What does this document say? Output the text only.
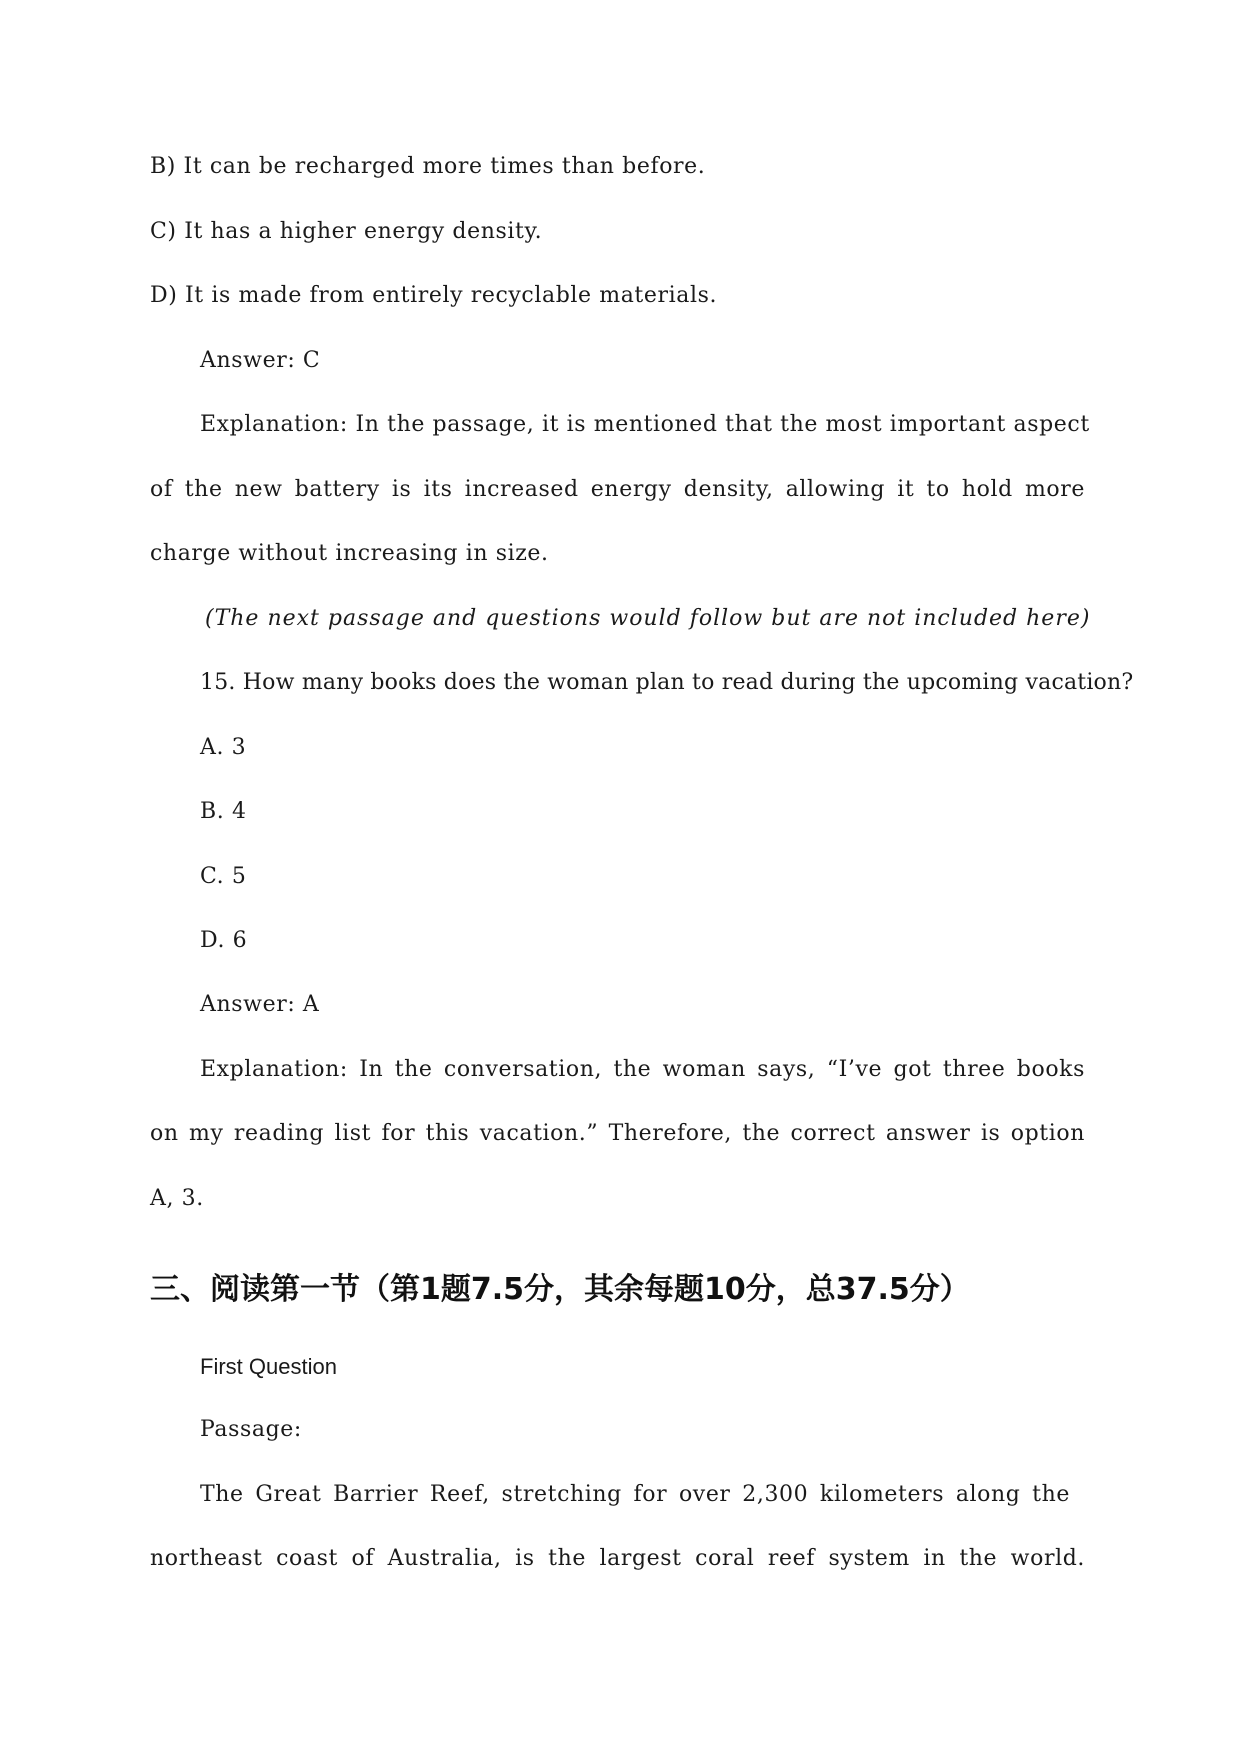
B) It can be recharged more times than before.
C) It has a higher energy density.
D) It is made from entirely recyclable materials.
Answer: C
Explanation: In the passage, it is mentioned that the most important aspect
of the new battery is its increased energy density, allowing it to hold more
charge without increasing in size.
(The next passage and questions would follow but are not included here)
15. How many books does the woman plan to read during the upcoming vacation?
A. 3
B. 4
C. 5
D. 6
Answer: A
Explanation: In the conversation, the woman says, “I’ve got three books
on my reading list for this vacation.” Therefore, the correct answer is option
A, 3.
三、阅读第一节（第1题7.5分，其余每题10分，总37.5分）
First Question
Passage:
The Great Barrier Reef, stretching for over 2,300 kilometers along the
northeast coast of Australia, is the largest coral reef system in the world.
